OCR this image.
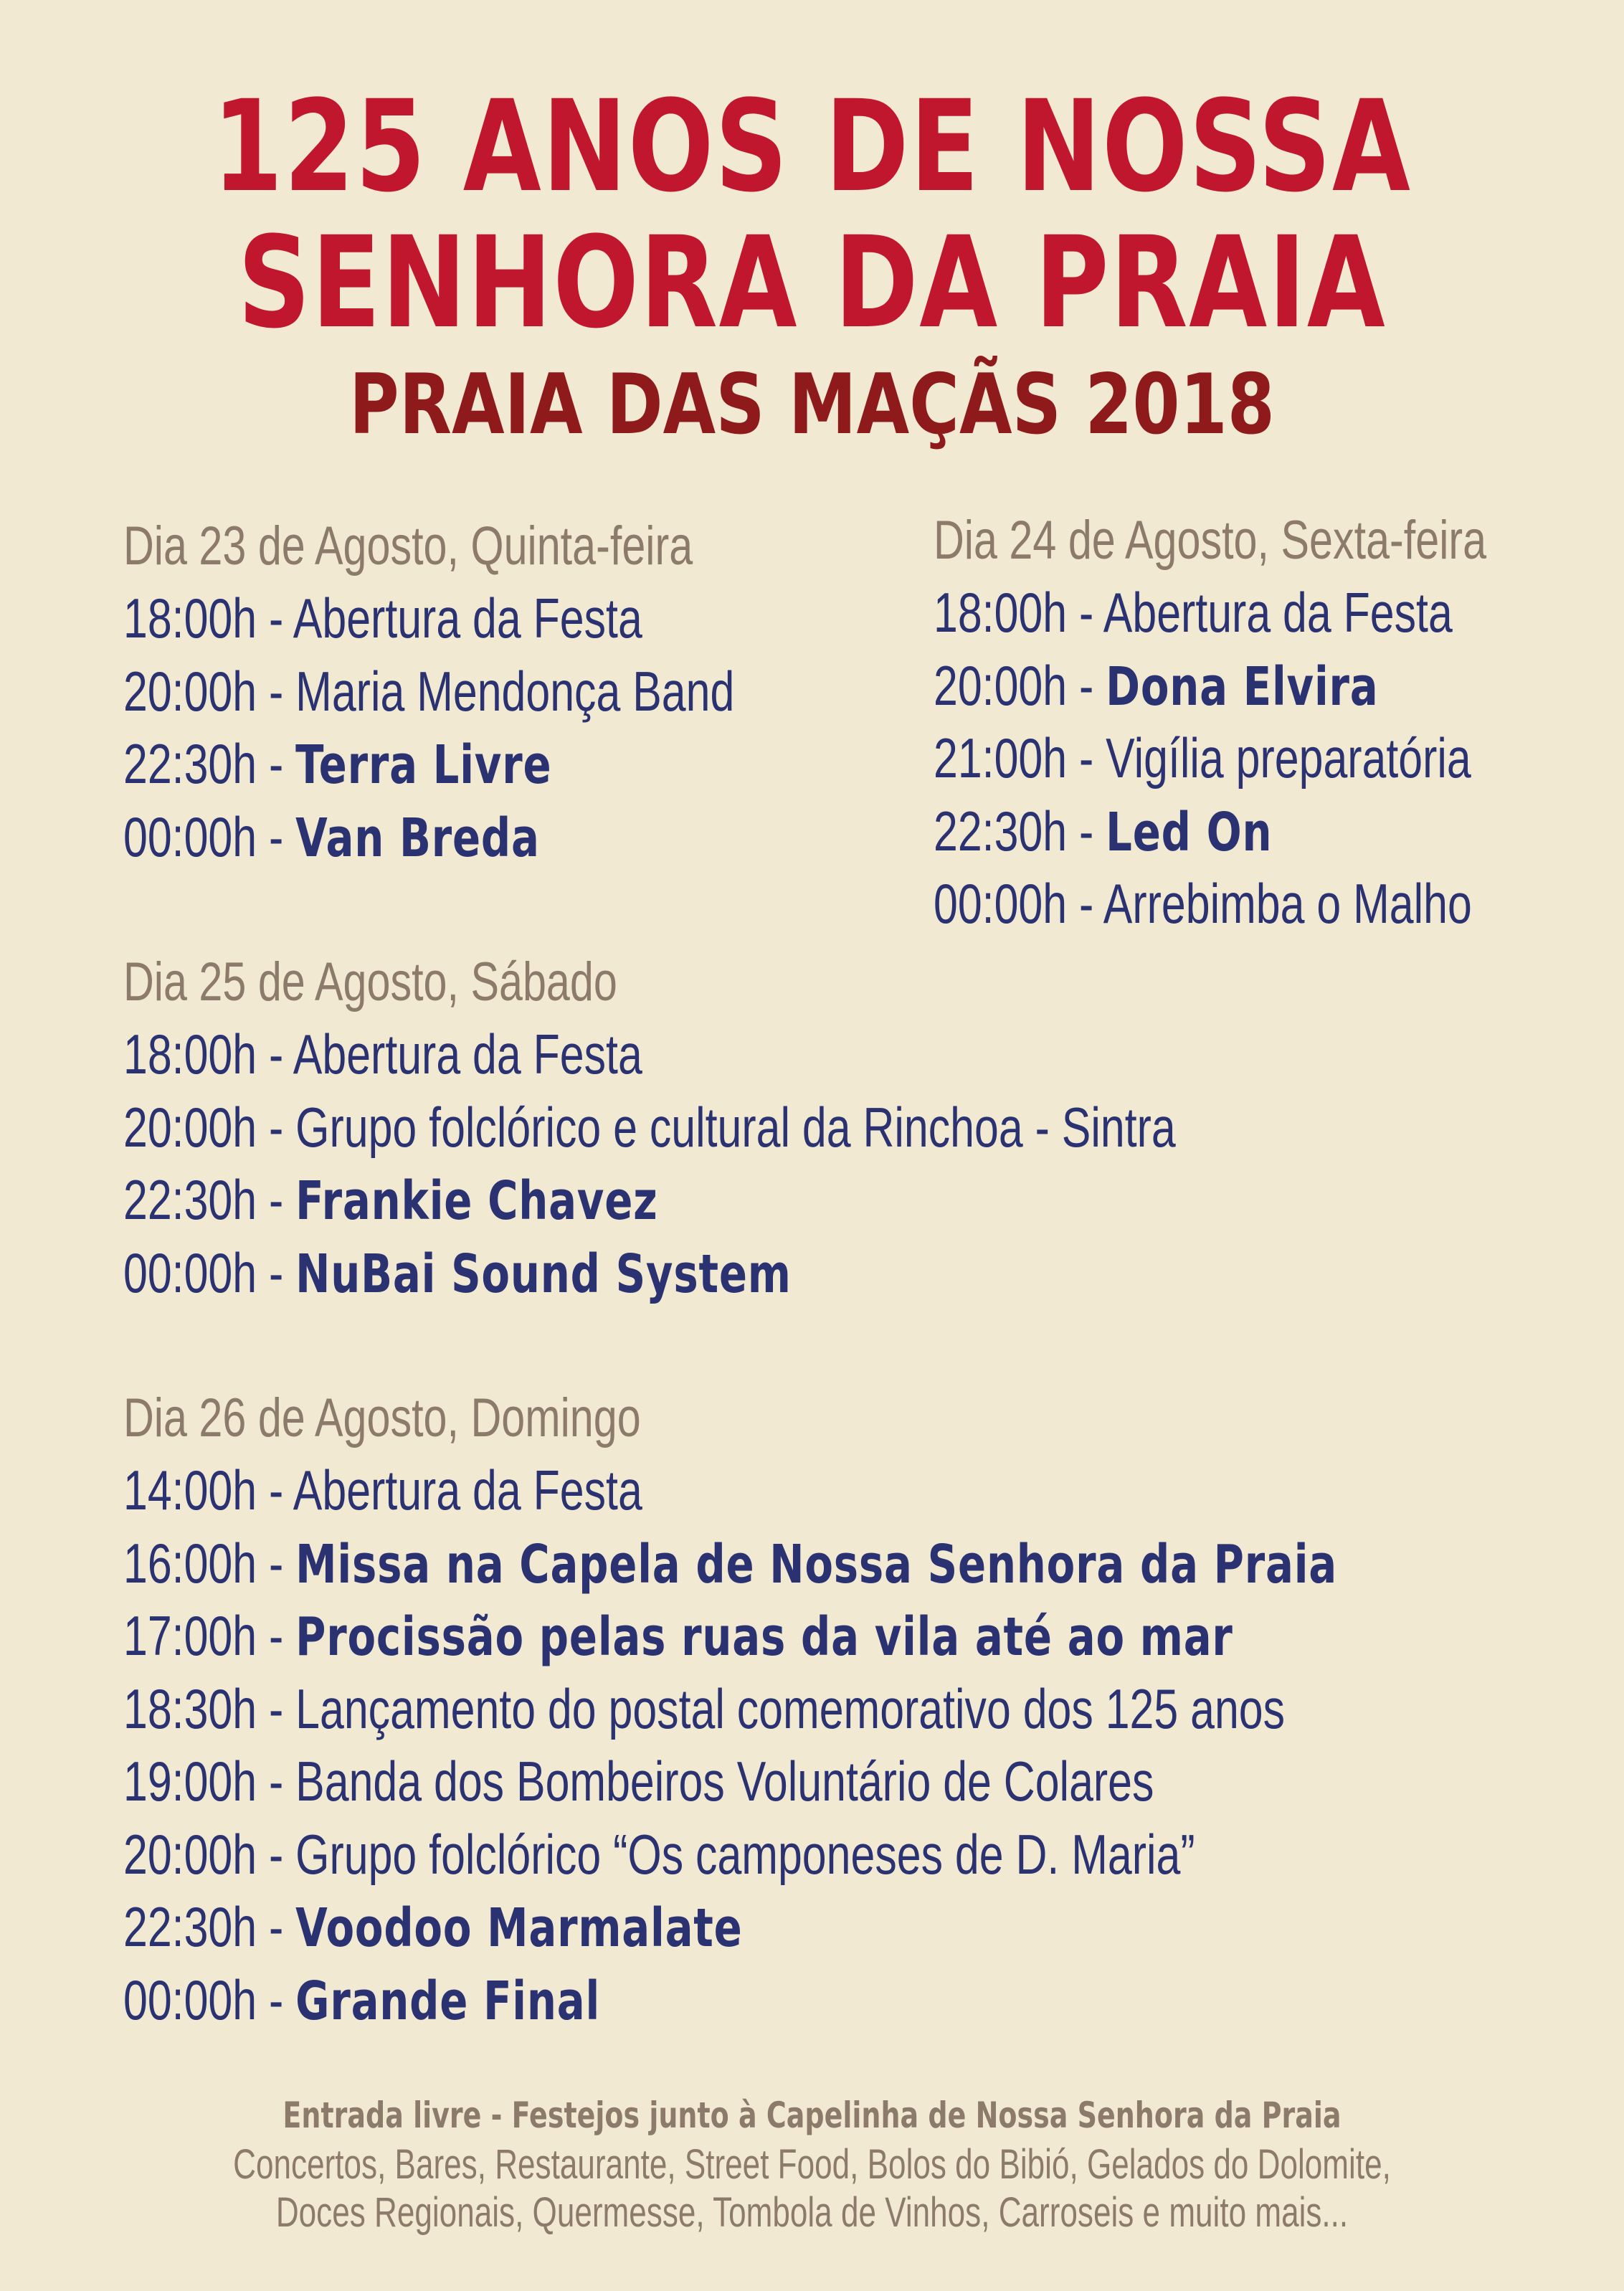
125 ANOS DE NOSSA
SENHORA DA PRAIA
PRAIA DAS MAÇÃS 2018
Dia 23 de Agosto, Quinta-feira
18:00h - Abertura da Festa
20:00h - Maria Mendonça Band
22:30h - Terra Livre
00:00h - Van Breda
Dia 24 de Agosto, Sexta-feira
18:00h - Abertura da Festa
20:00h - Dona Elvira
21:00h - Vigília preparatória
22:30h - Led On
00:00h - Arrebimba o Malho
Dia 25 de Agosto, Sábado
18:00h - Abertura da Festa
20:00h - Grupo folclórico e cultural da Rinchoa - Sintra
22:30h - Frankie Chavez
00:00h - NuBai Sound System
Dia 26 de Agosto, Domingo
14:00h - Abertura da Festa
16:00h - Missa na Capela de Nossa Senhora da Praia
17:00h - Procissão pelas ruas da vila até ao mar
18:30h - Lançamento do postal comemorativo dos 125 anos
19:00h - Banda dos Bombeiros Voluntário de Colares
20:00h - Grupo folclórico “Os camponeses de D. Maria”
22:30h - Voodoo Marmalate
00:00h - Grande Final
Entrada livre - Festejos junto à Capelinha de Nossa Senhora da Praia
Concertos, Bares, Restaurante, Street Food, Bolos do Bibió, Gelados do Dolomite,
Doces Regionais, Quermesse, Tombola de Vinhos, Carroseis e muito mais...
